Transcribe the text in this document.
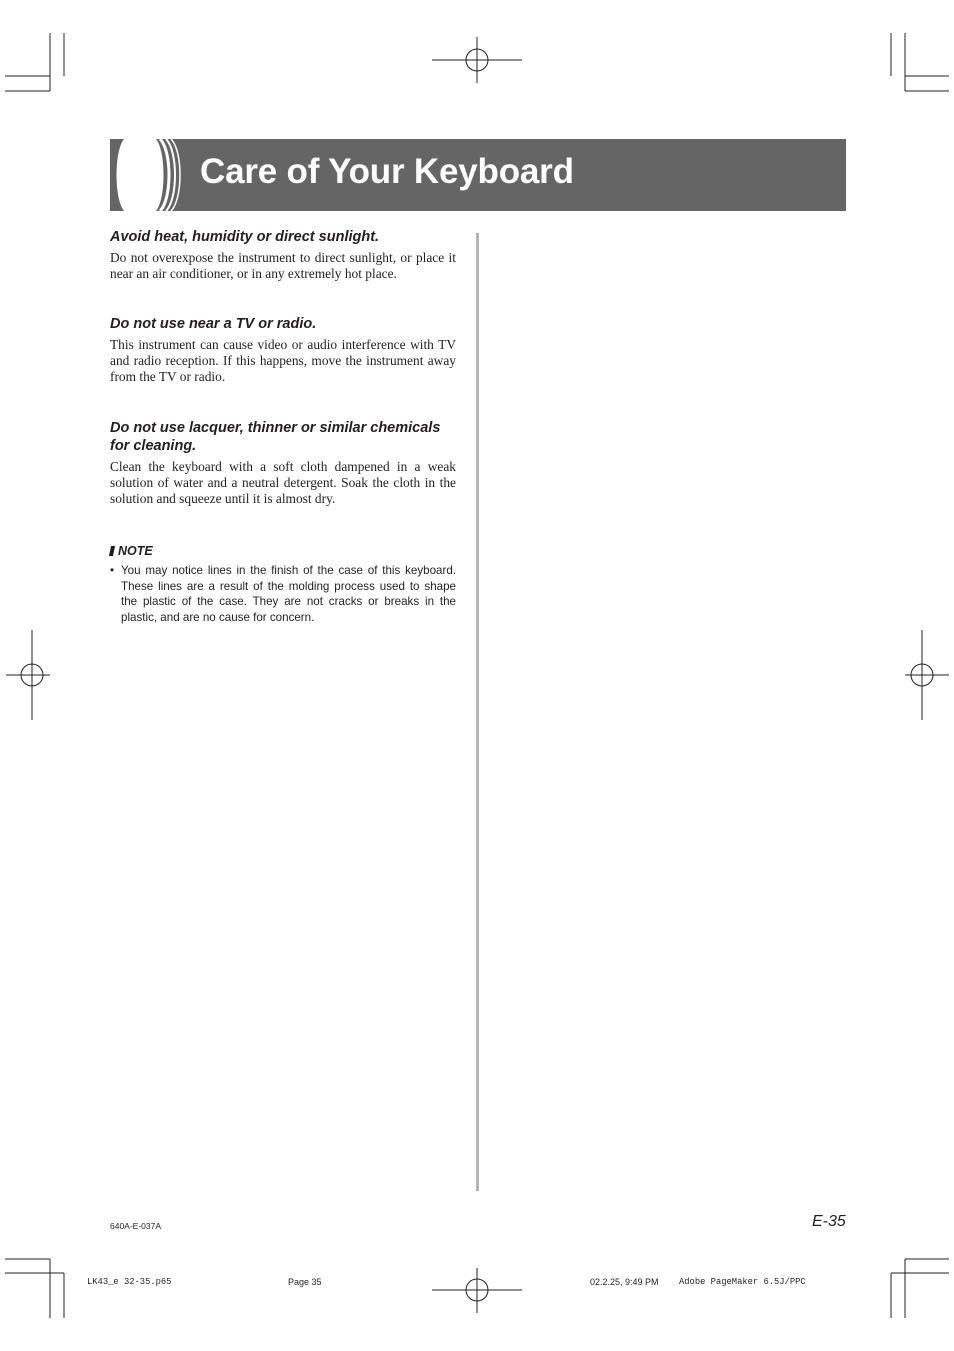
Care of Your Keyboard

Avoid heat, humidity or direct sunlight.

Do not overexpose the instrument to direct sunlight, or place it near an air conditioner, or in any extremely hot place.

Do not use near a TV or radio.

This instrument can cause video or audio interference with TV and radio reception. If this happens, move the instrument away from the TV or radio.

Do not use lacquer, thinner or similar chemicals for cleaning.

Clean the keyboard with a soft cloth dampened in a weak solution of water and a neutral detergent. Soak the cloth in the solution and squeeze until it is almost dry.

NOTE
• You may notice lines in the finish of the case of this keyboard. These lines are a result of the molding process used to shape the plastic of the case. They are not cracks or breaks in the plastic, and are no cause for concern.
640A-E-037A	E-35
LK43_e 32-35.p65	Page 35	02.2.25, 9:49 PM Adobe PageMaker 6.5J/PPC
